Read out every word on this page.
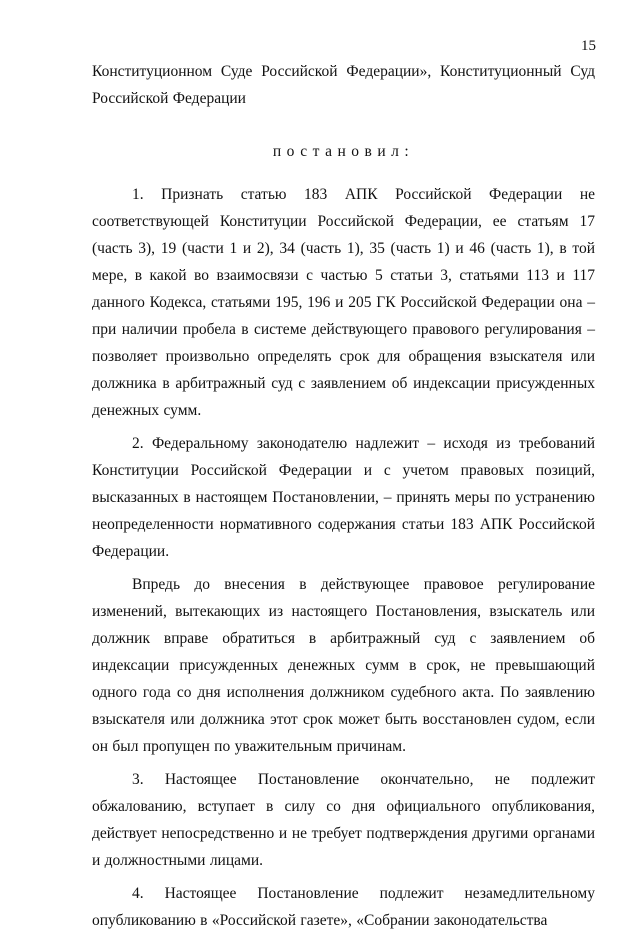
15

Конституционном Суде Российской Федерации», Конституционный Суд Российской Федерации

постановил:

1. Признать статью 183 АПК Российской Федерации не соответствующей Конституции Российской Федерации, ее статьям 17 (часть 3), 19 (части 1 и 2), 34 (часть 1), 35 (часть 1) и 46 (часть 1), в той мере, в какой во взаимосвязи с частью 5 статьи 3, статьями 113 и 117 данного Кодекса, статьями 195, 196 и 205 ГК Российской Федерации она – при наличии пробела в системе действующего правового регулирования – позволяет произвольно определять срок для обращения взыскателя или должника в арбитражный суд с заявлением об индексации присужденных денежных сумм.

2. Федеральному законодателю надлежит – исходя из требований Конституции Российской Федерации и с учетом правовых позиций, высказанных в настоящем Постановлении, – принять меры по устранению неопределенности нормативного содержания статьи 183 АПК Российской Федерации.

Впредь до внесения в действующее правовое регулирование изменений, вытекающих из настоящего Постановления, взыскатель или должник вправе обратиться в арбитражный суд с заявлением об индексации присужденных денежных сумм в срок, не превышающий одного года со дня исполнения должником судебного акта. По заявлению взыскателя или должника этот срок может быть восстановлен судом, если он был пропущен по уважительным причинам.

3. Настоящее Постановление окончательно, не подлежит обжалованию, вступает в силу со дня официального опубликования, действует непосредственно и не требует подтверждения другими органами и должностными лицами.

4. Настоящее Постановление подлежит незамедлительному опубликованию в «Российской газете», «Собрании законодательства
